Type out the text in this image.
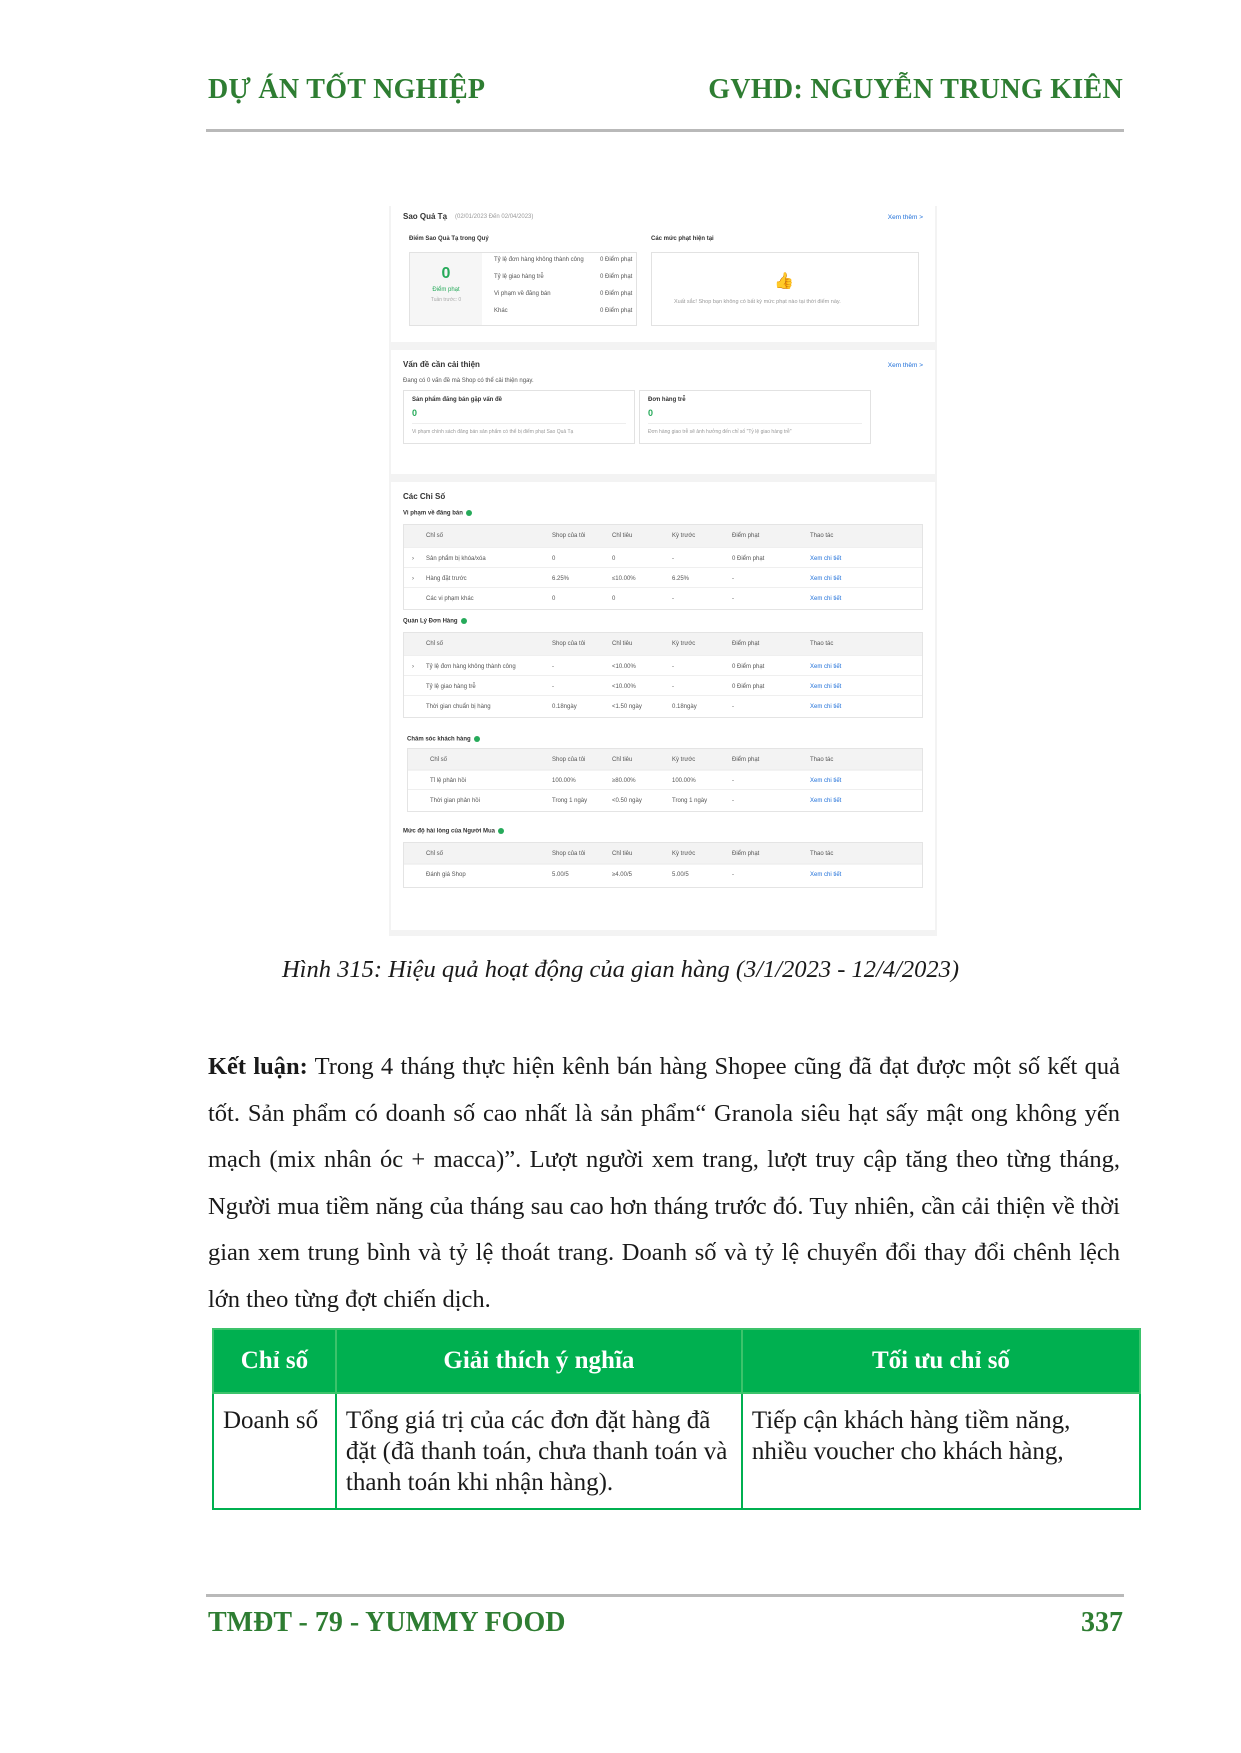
DỰ ÁN TỐT NGHIỆP	GVHD: NGUYỄN TRUNG KIÊN
Sao Quả Tạ (02/01/2023 Đến 02/04/2023)	Xem thêm >
Điểm Sao Quả Tạ trong Quý
0
Điểm phạt
Tuần trước: 0
Tỷ lệ đơn hàng không thành công	0 Điểm phạt
Tỷ lệ giao hàng trễ	0 Điểm phạt
Vi phạm về đăng bán	0 Điểm phạt
Khác	0 Điểm phạt
Các mức phạt hiện tại
👍
Xuất sắc! Shop bạn không có bất kỳ mức phạt nào tại thời điểm này.
Vấn đề cần cải thiện	Xem thêm >
Đang có 0 vấn đề mà Shop có thể cải thiện ngay.
Sản phẩm đăng bán gặp vấn đề
0
Vi phạm chính sách đăng bán sản phẩm có thể bị điểm phạt Sao Quả Tạ
Đơn hàng trễ
0
Đơn hàng giao trễ sẽ ảnh hưởng đến chỉ số "Tỷ lệ giao hàng trễ"
Các Chỉ Số
Vi phạm về đăng bán
Chỉ số	Shop của tôi	Chỉ tiêu	Kỳ trước	Điểm phạt	Thao tác
› Sản phẩm bị khóa/xóa	0	0	-	0 Điểm phạt	Xem chi tiết
› Hàng đặt trước	6.25%	≤10.00%	6.25%	-	Xem chi tiết
Các vi phạm khác	0	0	-	-	Xem chi tiết
Quản Lý Đơn Hàng
Chỉ số	Shop của tôi	Chỉ tiêu	Kỳ trước	Điểm phạt	Thao tác
› Tỷ lệ đơn hàng không thành công	-	<10.00%	-	0 Điểm phạt	Xem chi tiết
Tỷ lệ giao hàng trễ	-	<10.00%	-	0 Điểm phạt	Xem chi tiết
Thời gian chuẩn bị hàng	0.18ngày	<1.50 ngày	0.18ngày	-	Xem chi tiết
Chăm sóc khách hàng
Chỉ số	Shop của tôi	Chỉ tiêu	Kỳ trước	Điểm phạt	Thao tác
Tỉ lệ phản hồi	100.00%	≥80.00%	100.00%	-	Xem chi tiết
Thời gian phản hồi	Trong 1 ngày	<0.50 ngày	Trong 1 ngày	-	Xem chi tiết
Mức độ hài lòng của Người Mua
Chỉ số	Shop của tôi	Chỉ tiêu	Kỳ trước	Điểm phạt	Thao tác
Đánh giá Shop	5.00/5	≥4.00/5	5.00/5	-	Xem chi tiết
Hình 315: Hiệu quả hoạt động của gian hàng (3/1/2023 - 12/4/2023)
Kết luận: Trong 4 tháng thực hiện kênh bán hàng Shopee cũng đã đạt được một số kết quả tốt. Sản phẩm có doanh số cao nhất là sản phẩm“ Granola siêu hạt sấy mật ong không yến mạch (mix nhân óc + macca)”. Lượt người xem trang, lượt truy cập tăng theo từng tháng, Người mua tiềm năng của tháng sau cao hơn tháng trước đó. Tuy nhiên, cần cải thiện về thời gian xem trung bình và tỷ lệ thoát trang. Doanh số và tỷ lệ chuyển đổi thay đổi chênh lệch lớn theo từng đợt chiến dịch.
Chỉ số	Giải thích ý nghĩa	Tối ưu chỉ số
Doanh số	Tổng giá trị của các đơn đặt hàng đã đặt (đã thanh toán, chưa thanh toán và thanh toán khi nhận hàng).	Tiếp cận khách hàng tiềm năng, nhiều voucher cho khách hàng,
TMĐT - 79 - YUMMY FOOD	337
